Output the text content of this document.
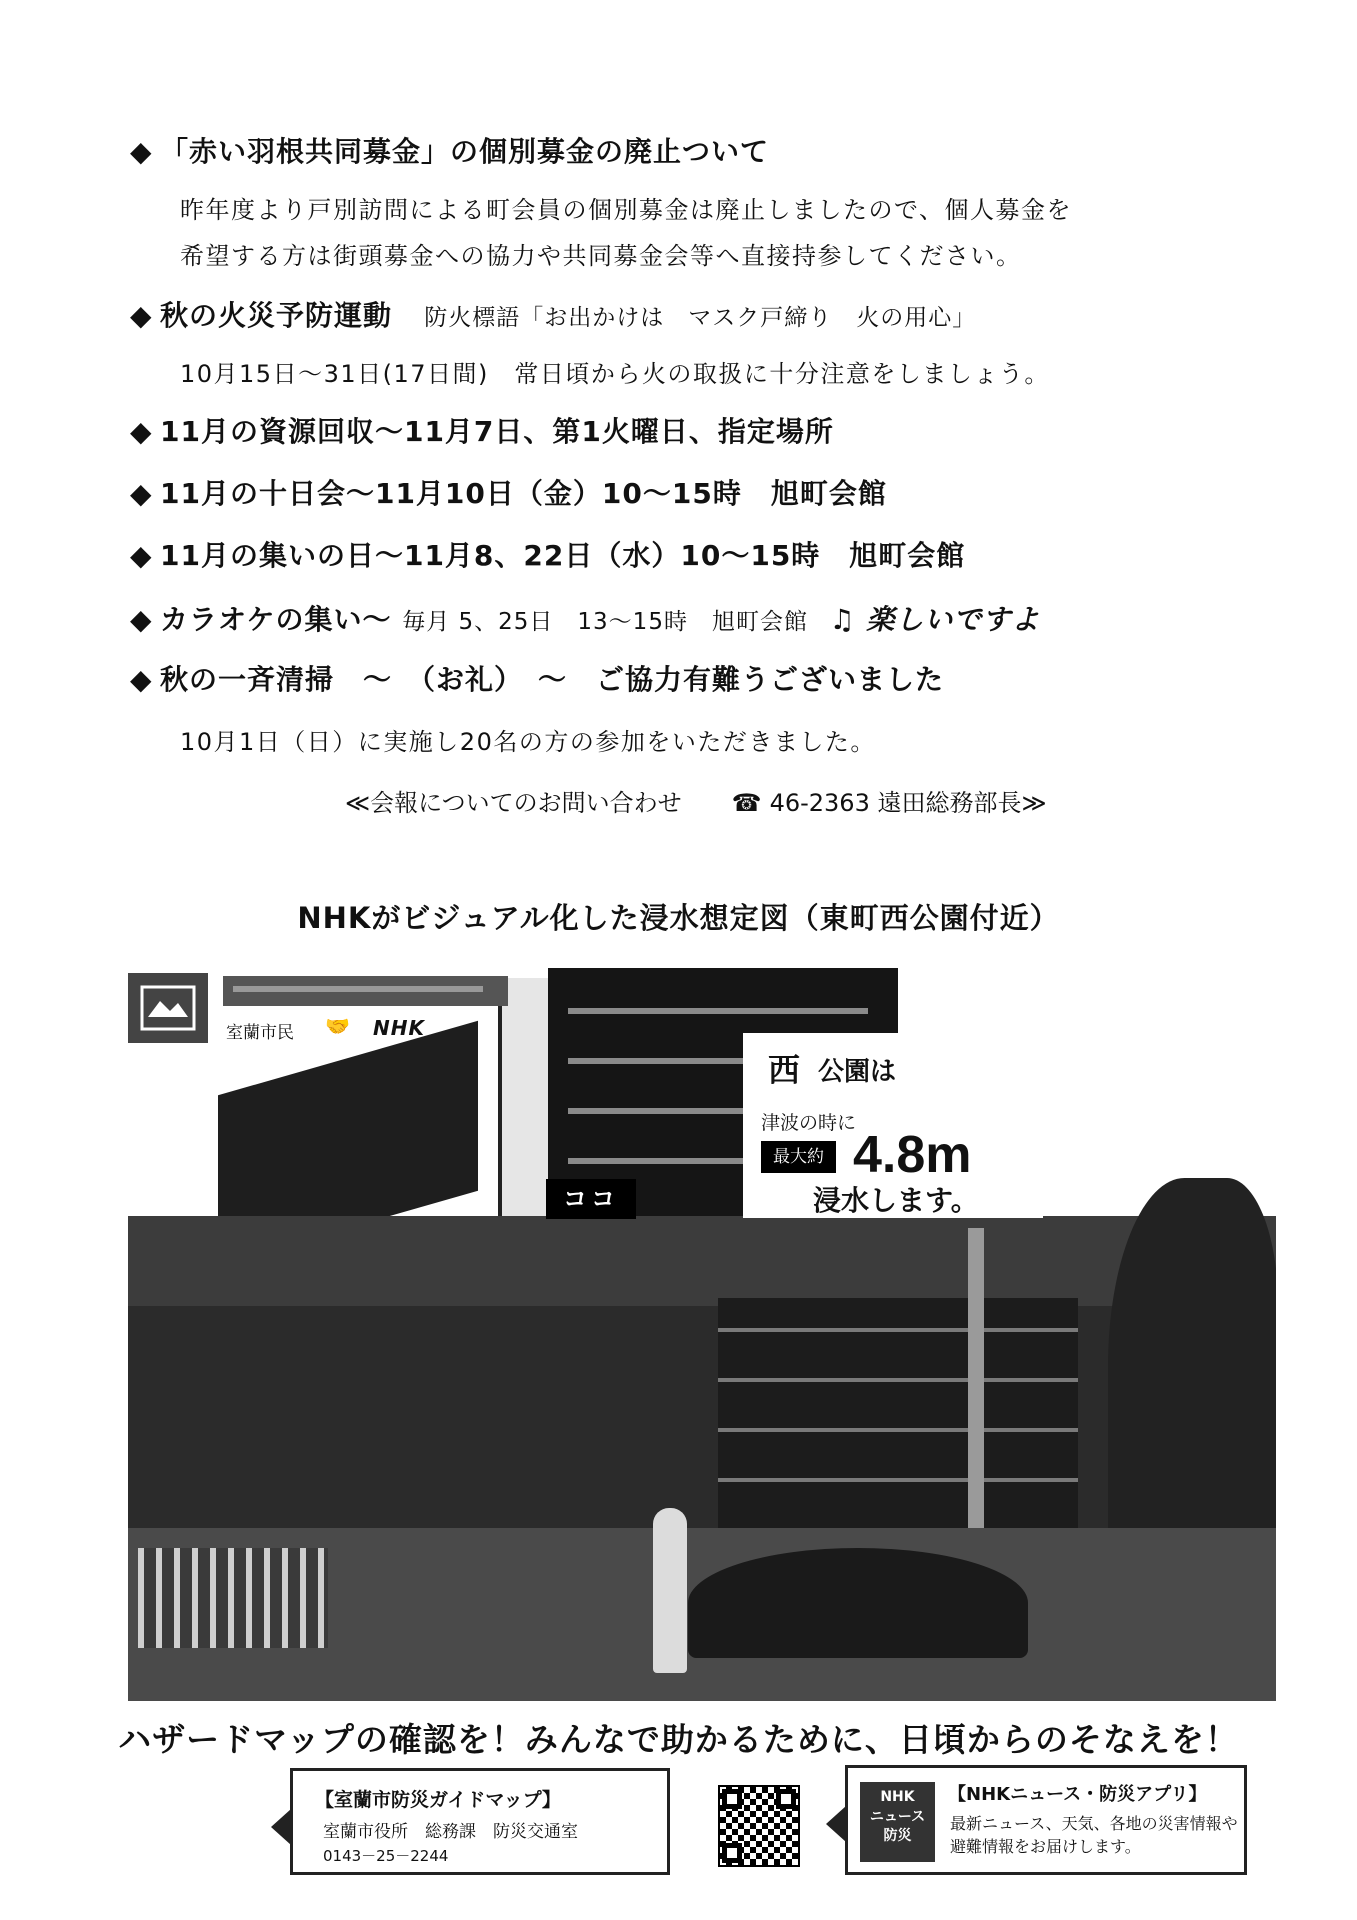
◆ 「赤い羽根共同募金」の個別募金の廃止ついて
昨年度より戸別訪問による町会員の個別募金は廃止しましたので、個人募金を
希望する方は街頭募金への協力や共同募金会等へ直接持参してください。
◆ 秋の火災予防運動 防火標語「お出かけは　マスク戸締り　火の用心」
10月15日～31日(17日間)　常日頃から火の取扱に十分注意をしましょう。
◆ 11月の資源回収～11月7日、第1火曜日、指定場所
◆ 11月の十日会～11月10日（金）10～15時　旭町会館
◆ 11月の集いの日～11月8、22日（水）10～15時　旭町会館
◆ カラオケの集い～ 毎月 5、25日　13～15時　旭町会館 ♫ 楽しいですよ
◆ 秋の一斉清掃　～　（お礼）　～　ご協力有難うございました
10月1日（日）に実施し20名の方の参加をいただきました。
≪会報についてのお問い合わせ ☎ 46-2363 遠田総務部長≫
NHKがビジュアル化した浸水想定図（東町西公園付近）
室蘭市民 🤝 NHK
ココ
西 公園は
津波の時に
最大約 4.8m
浸水します。
ハザードマップの確認を！みんなで助かるために、日頃からのそなえを！
【室蘭市防災ガイドマップ】
室蘭市役所　総務課　防災交通室
0143－25－2244
NHK
ニュース
防災
【NHKニュース・防災アプリ】
最新ニュース、天気、各地の災害情報や避難情報をお届けします。
